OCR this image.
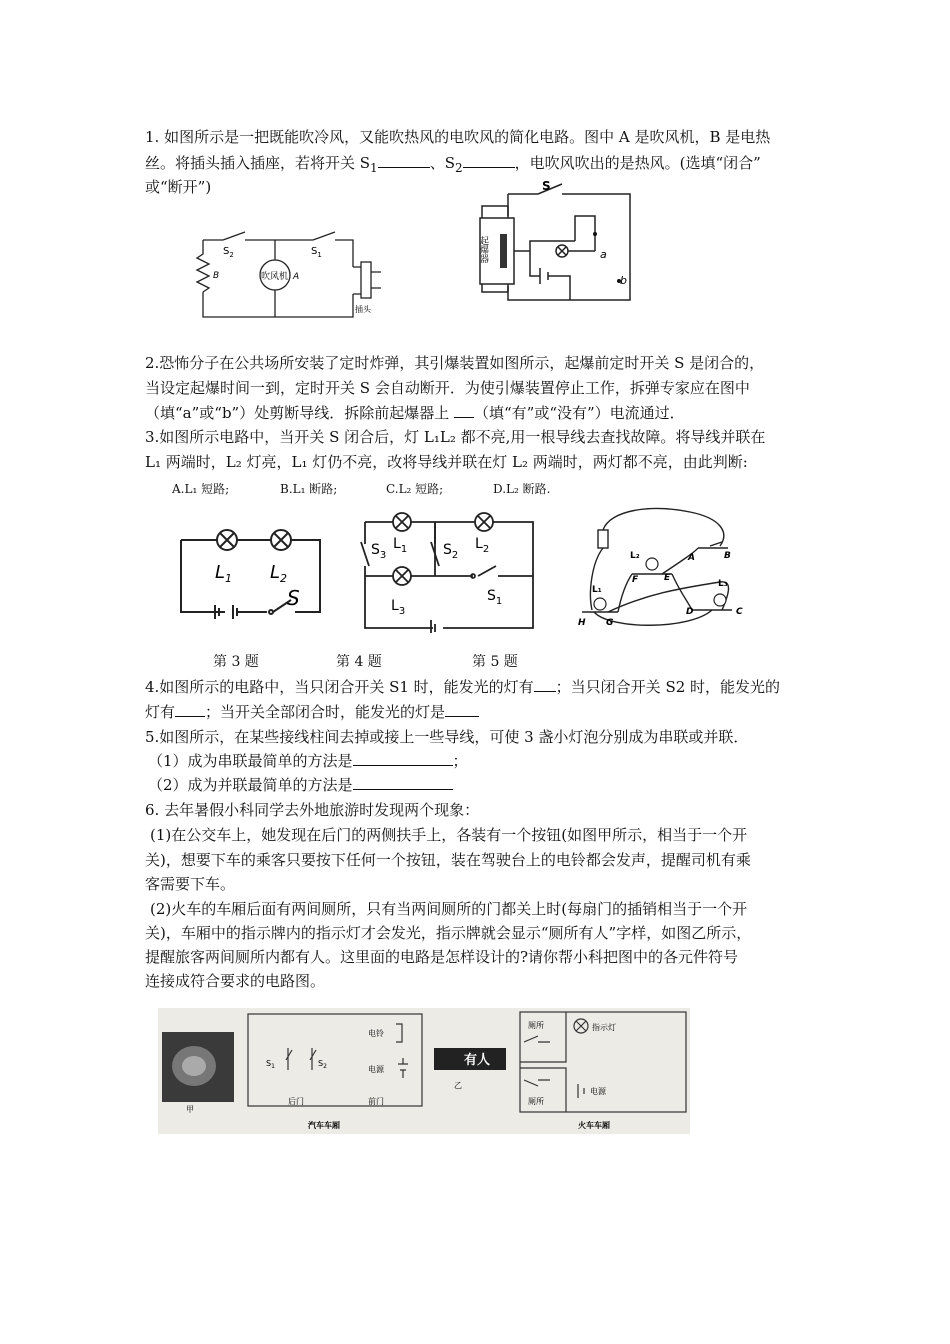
1. 如图所示是一把既能吹冷风，又能吹热风的电吹风的简化电路。图中 A 是吹风机，B 是电热
丝。将插头插入插座，若将开关 $S_1$	、$S_2$	，电吹风吹出的是热风。(选填“闭合”
或“断开”)
$S_2$	$S_1$
吹风机 A
B
插头
S
起爆器	a
b
2.恐怖分子在公共场所安装了定时炸弹，其引爆装置如图所示，起爆前定时开关 S 是闭合的，
当设定起爆时间一到，定时开关 S 会自动断开．为使引爆装置停止工作，拆弹专家应在图中
（填“a”或“b”）处剪断导线．拆除前起爆器上 （填“有”或“没有”）电流通过．
3.如图所示电路中，当开关 S 闭合后，灯 L₁L₂ 都不亮,用一根导线去查找故障。将导线并联在
L₁ 两端时，L₂ 灯亮，L₁ 灯仍不亮，改将导线并联在灯 L₂ 两端时，两灯都不亮，由此判断:
A.L₁ 短路;	B.L₁ 断路;	C.L₂ 短路;	D.L₂ 断路.
$L_1$ $L_2$
S
$S_3$
$L_1$	$S_2$
$L_2$
$L_3$
$S_1$
L₂
L₁
L₃
A	B
C
D
E
F
G
H
第 3 题	第 4 题	第 5 题
4.如图所示的电路中，当只闭合开关 S1 时，能发光的灯有 ；当只闭合开关 S2 时，能发光的
灯有 ；当开关全部闭合时，能发光的灯是
5.如图所示，在某些接线柱间去掉或接上一些导线，可使 3 盏小灯泡分别成为串联或并联．
（1）成为串联最简单的方法是	；
（2）成为并联最简单的方法是
6. 去年暑假小科同学去外地旅游时发现两个现象：
(1)在公交车上，她发现在后门的两侧扶手上，各装有一个按钮(如图甲所示，相当于一个开
关)，想要下车的乘客只要按下任何一个按钮，装在驾驶台上的电铃都会发声，提醒司机有乘
客需要下车。
(2)火车的车厢后面有两间厕所，只有当两间厕所的门都关上时(每扇门的插销相当于一个开
关)，车厢中的指示牌内的指示灯才会发光，指示牌就会显示“厕所有人”字样，如图乙所示，
提醒旅客两间厕所内都有人。这里面的电路是怎样设计的?请你帮小科把图中的各元件符号
连接成符合要求的电路图。
甲
$S_1$	$S_2$
电铃
电源
后门	前门
汽车车厢
有人
乙
厕所
厕所
指示灯
电源
火车车厢
